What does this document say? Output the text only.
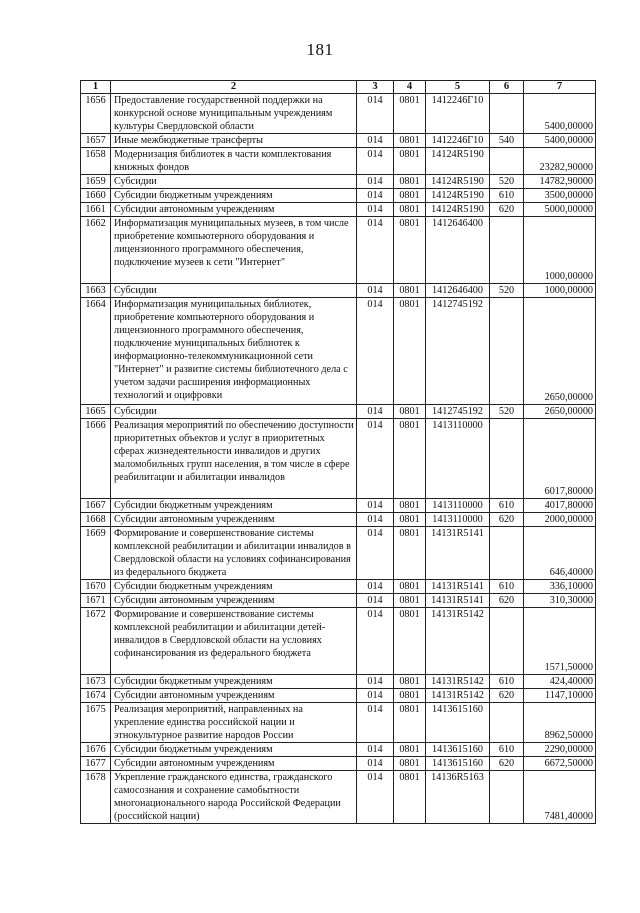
181
1	2	3	4	5	6	7
1656	Предоставление государственной поддержки на конкурсной основе муниципальным учреждениям культуры Свердловской области	014	0801	1412246Г10		5400,00000
1657	Иные межбюджетные трансферты	014	0801	1412246Г10	540	5400,00000
1658	Модернизация библиотек в части комплектования книжных фондов	014	0801	14124R5190		23282,90000
1659	Субсидии	014	0801	14124R5190	520	14782,90000
1660	Субсидии бюджетным учреждениям	014	0801	14124R5190	610	3500,00000
1661	Субсидии автономным учреждениям	014	0801	14124R5190	620	5000,00000
1662	Информатизация муниципальных музеев, в том числе приобретение компьютерного оборудования и лицензионного программного обеспечения, подключение музеев к сети "Интернет"	014	0801	1412646400		1000,00000
1663	Субсидии	014	0801	1412646400	520	1000,00000
1664	Информатизация муниципальных библиотек, приобретение компьютерного оборудования и лицензионного программного обеспечения, подключение муниципальных библиотек к информационно-телекоммуникационной сети "Интернет" и развитие системы библиотечного дела с учетом задачи расширения информационных технологий и оцифровки	014	0801	1412745192		2650,00000
1665	Субсидии	014	0801	1412745192	520	2650,00000
1666	Реализация мероприятий по обеспечению доступности приоритетных объектов и услуг в приоритетных сферах жизнедеятельности инвалидов и других маломобильных групп населения, в том числе в сфере реабилитации и абилитации инвалидов	014	0801	1413110000		6017,80000
1667	Субсидии бюджетным учреждениям	014	0801	1413110000	610	4017,80000
1668	Субсидии автономным учреждениям	014	0801	1413110000	620	2000,00000
1669	Формирование и совершенствование системы комплексной реабилитации и абилитации инвалидов в Свердловской области на условиях софинансирования из федерального бюджета	014	0801	14131R5141		646,40000
1670	Субсидии бюджетным учреждениям	014	0801	14131R5141	610	336,10000
1671	Субсидии автономным учреждениям	014	0801	14131R5141	620	310,30000
1672	Формирование и совершенствование системы комплексной реабилитации и абилитации детей-инвалидов в Свердловской области на условиях софинансирования из федерального бюджета	014	0801	14131R5142		1571,50000
1673	Субсидии бюджетным учреждениям	014	0801	14131R5142	610	424,40000
1674	Субсидии автономным учреждениям	014	0801	14131R5142	620	1147,10000
1675	Реализация мероприятий, направленных на укрепление единства российской нации и этнокультурное развитие народов России	014	0801	1413615160		8962,50000
1676	Субсидии бюджетным учреждениям	014	0801	1413615160	610	2290,00000
1677	Субсидии автономным учреждениям	014	0801	1413615160	620	6672,50000
1678	Укрепление гражданского единства, гражданского самосознания и сохранение самобытности многонационального народа Российской Федерации (российской нации)	014	0801	14136R5163		7481,40000
